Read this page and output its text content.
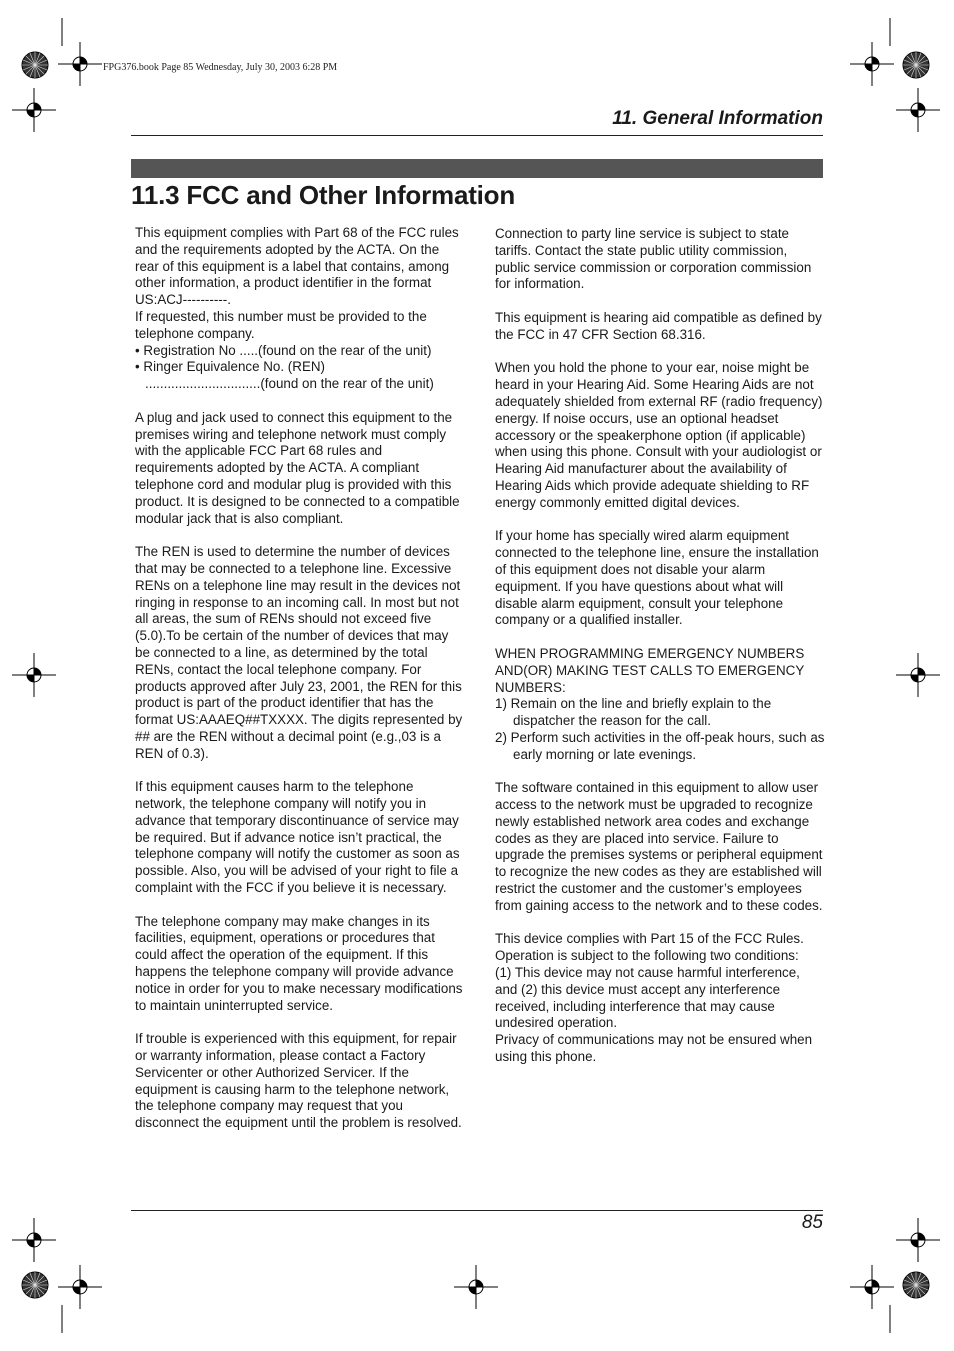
FPG376.book Page 85 Wednesday, July 30, 2003 6:28 PM
11. General Information
11.3 FCC and Other Information

This equipment complies with Part 68 of the FCC rules and the requirements adopted by the ACTA. On the rear of this equipment is a label that contains, among other information, a product identifier in the format US:ACJ----------.

If requested, this number must be provided to the telephone company.

• Registration No .....(found on the rear of the unit)

• Ringer Equivalence No. (REN)

...............................(found on the rear of the unit)

A plug and jack used to connect this equipment to the premises wiring and telephone network must comply with the applicable FCC Part 68 rules and requirements adopted by the ACTA. A compliant telephone cord and modular plug is provided with this product. It is designed to be connected to a compatible modular jack that is also compliant.

The REN is used to determine the number of devices that may be connected to a telephone line. Excessive RENs on a telephone line may result in the devices not ringing in response to an incoming call. In most but not all areas, the sum of RENs should not exceed five (5.0).To be certain of the number of devices that may be connected to a line, as determined by the total RENs, contact the local telephone company. For products approved after July 23, 2001, the REN for this product is part of the product identifier that has the format US:AAAEQ##TXXXX. The digits represented by ## are the REN without a decimal point (e.g.,03 is a REN of 0.3).

If this equipment causes harm to the telephone network, the telephone company will notify you in advance that temporary discontinuance of service may be required. But if advance notice isn’t practical, the telephone company will notify the customer as soon as possible. Also, you will be advised of your right to file a complaint with the FCC if you believe it is necessary.

The telephone company may make changes in its facilities, equipment, operations or procedures that could affect the operation of the equipment. If this happens the telephone company will provide advance notice in order for you to make necessary modifications to maintain uninterrupted service.

If trouble is experienced with this equipment, for repair or warranty information, please contact a Factory Servicenter or other Authorized Servicer. If the equipment is causing harm to the telephone network, the telephone company may request that you disconnect the equipment until the problem is resolved.

Connection to party line service is subject to state tariffs. Contact the state public utility commission, public service commission or corporation commission for information.

This equipment is hearing aid compatible as defined by the FCC in 47 CFR Section 68.316.

When you hold the phone to your ear, noise might be heard in your Hearing Aid. Some Hearing Aids are not adequately shielded from external RF (radio frequency) energy. If noise occurs, use an optional headset accessory or the speakerphone option (if applicable) when using this phone. Consult with your audiologist or Hearing Aid manufacturer about the availability of Hearing Aids which provide adequate shielding to RF energy commonly emitted digital devices.

If your home has specially wired alarm equipment connected to the telephone line, ensure the installation of this equipment does not disable your alarm equipment. If you have questions about what will disable alarm equipment, consult your telephone company or a qualified installer.

WHEN PROGRAMMING EMERGENCY NUMBERS AND(OR) MAKING TEST CALLS TO EMERGENCY NUMBERS:

1) Remain on the line and briefly explain to the dispatcher the reason for the call.

2) Perform such activities in the off-peak hours, such as early morning or late evenings.

The software contained in this equipment to allow user access to the network must be upgraded to recognize newly established network area codes and exchange codes as they are placed into service. Failure to upgrade the premises systems or peripheral equipment to recognize the new codes as they are established will restrict the customer and the customer’s employees from gaining access to the network and to these codes.

This device complies with Part 15 of the FCC Rules. Operation is subject to the following two conditions:

(1) This device may not cause harmful interference, and (2) this device must accept any interference received, including interference that may cause undesired operation.

Privacy of communications may not be ensured when using this phone.

85
